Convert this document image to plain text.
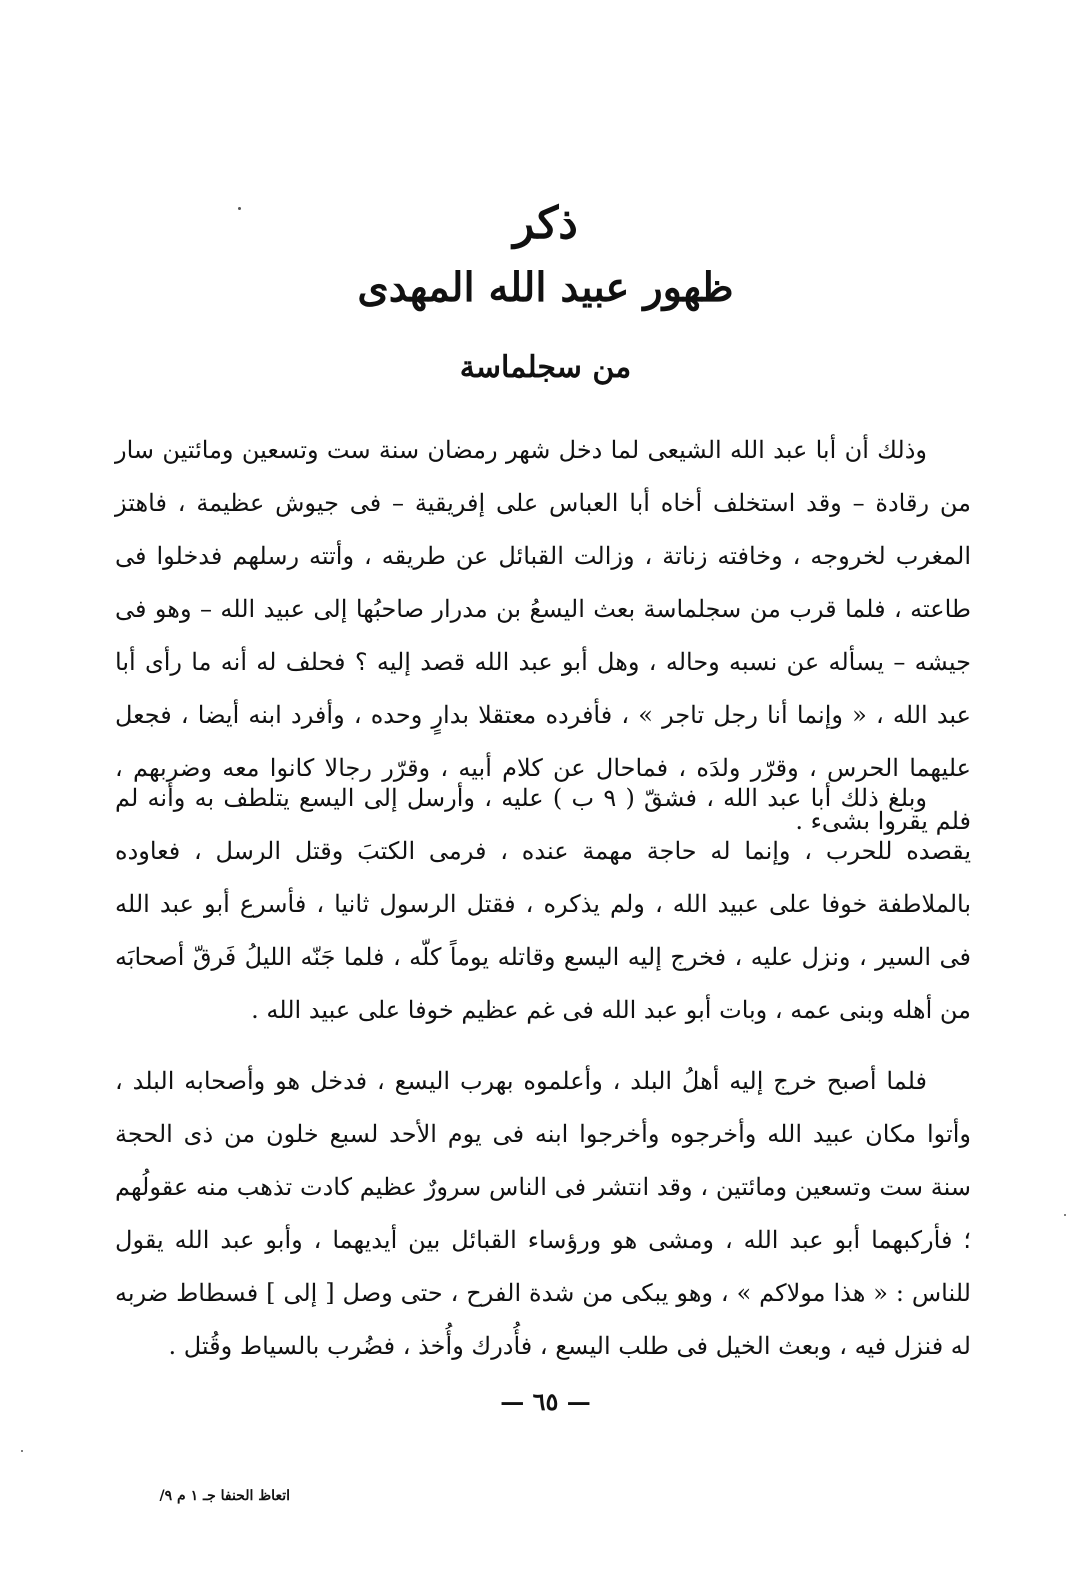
ذكر
ظهور عبيد الله المهدى
من سجلماسة

وذلك أن أبا عبد الله الشيعى لما دخل شهر رمضان سنة ست وتسعين ومائتين سار من رقادة – وقد استخلف أخاه أبا العباس على إفريقية – فى جيوش عظيمة ، فاهتز المغرب لخروجه ، وخافته زناتة ، وزالت القبائل عن طريقه ، وأتته رسلهم فدخلوا فى طاعته ، فلما قرب من سجلماسة بعث اليسعُ بن مدرار صاحبُها إلى عبيد الله – وهو فى جيشه – يسأله عن نسبه وحاله ، وهل أبو عبد الله قصد إليه ؟ فحلف له أنه ما رأى أبا عبد الله ، « وإنما أنا رجل تاجر » ، فأفرده معتقلا بدارٍ وحده ، وأفرد ابنه أيضا ، فجعل عليهما الحرس ، وقرّر ولدَه ، فماحال عن كلام أبيه ، وقرّر رجالا كانوا معه وضربهم ، فلم يقروا بشىء .

وبلغ ذلك أبا عبد الله ، فشقّ ( ٩ ب ) عليه ، وأرسل إلى اليسع يتلطف به وأنه لم يقصده للحرب ، وإنما له حاجة مهمة عنده ، فرمى الكتبَ وقتل الرسل ، فعاوده بالملاطفة خوفا على عبيد الله ، ولم يذكره ، فقتل الرسول ثانيا ، فأسرع أبو عبد الله فى السير ، ونزل عليه ، فخرج إليه اليسع وقاتله يوماً كلّه ، فلما جَنّه الليلُ فَرقّ أصحابَه من أهله وبنى عمه ، وبات أبو عبد الله فى غم عظيم خوفا على عبيد الله .

فلما أصبح خرج إليه أهلُ البلد ، وأعلموه بهرب اليسع ، فدخل هو وأصحابه البلد ، وأتوا مكان عبيد الله وأخرجوه وأخرجوا ابنه فى يوم الأحد لسبع خلون من ذى الحجة سنة ست وتسعين ومائتين ، وقد انتشر فى الناس سرورٌ عظيم كادت تذهب منه عقولُهم ؛ فأركبهما أبو عبد الله ، ومشى هو ورؤساء القبائل بين أيديهما ، وأبو عبد الله يقول للناس : « هذا مولاكم » ، وهو يبكى من شدة الفرح ، حتى وصل [ إلى ] فسطاط ضربه له فنزل فيه ، وبعث الخيل فى طلب اليسع ، فأُدرك وأُخذ ، فضُرب بالسياط وقُتل .

— ٦٥ —
اتعاظ الحنفا جـ ١ م ٩/
